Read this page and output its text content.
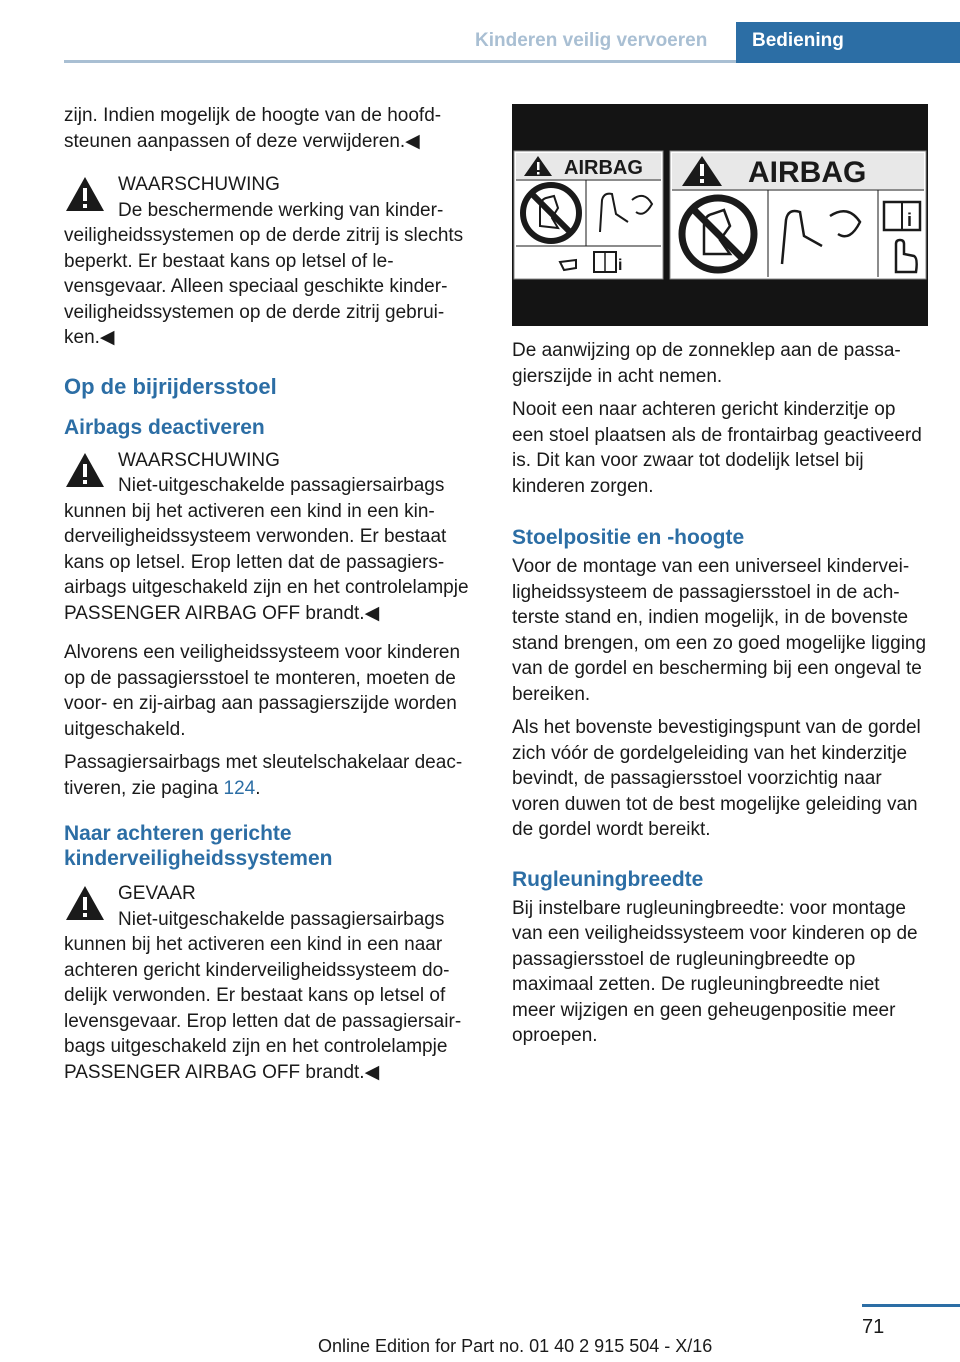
Kinderen veilig vervoeren Bediening

zijn. Indien mogelijk de hoogte van de hoofdsteunen aanpassen of deze verwijderen.◀

WAARSCHUWING
De beschermende werking van kinderveiligheidssystemen op de derde zitrij is slechts beperkt. Er bestaat kans op letsel of levensgevaar. Alleen speciaal geschikte kinderveiligheidssystemen op de derde zitrij gebruiken.◀
Op de bijrijdersstoel
Airbags deactiveren
WAARSCHUWING
Niet-uitgeschakelde passagiersairbags kunnen bij het activeren een kind in een kinderveiligheidssysteem verwonden. Er bestaat kans op letsel. Erop letten dat de passagiersairbags uitgeschakeld zijn en het controlelampje PASSENGER AIRBAG OFF brandt.◀

Alvorens een veiligheidssysteem voor kinderen op de passagiersstoel te monteren, moeten de voor- en zij-airbag aan passagierszijde worden uitgeschakeld.

Passagiersairbags met sleutelschakelaar deactiveren, zie pagina 124.

Naar achteren gerichte kinderveiligheidssystemen
GEVAAR
Niet-uitgeschakelde passagiersairbags kunnen bij het activeren een kind in een naar achteren gericht kinderveiligheidssysteem dodelijk verwonden. Er bestaat kans op letsel of levensgevaar. Erop letten dat de passagiersairbags uitgeschakeld zijn en het controlelampje PASSENGER AIRBAG OFF brandt.◀
AIRBAG
i
AIRBAG
i

De aanwijzing op de zonneklep aan de passagierszijde in acht nemen.

Nooit een naar achteren gericht kinderzitje op een stoel plaatsen als de frontairbag geactiveerd is. Dit kan voor zwaar tot dodelijk letsel bij kinderen zorgen.

Stoelpositie en -hoogte

Voor de montage van een universeel kinderveiligheidssysteem de passagiersstoel in de achterste stand en, indien mogelijk, in de bovenste stand brengen, om een zo goed mogelijke ligging van de gordel en bescherming bij een ongeval te bereiken.

Als het bovenste bevestigingspunt van de gordel zich vóór de gordelgeleiding van het kinderzitje bevindt, de passagiersstoel voorzichtig naar voren duwen tot de best mogelijke geleiding van de gordel wordt bereikt.

Rugleuningbreedte

Bij instelbare rugleuningbreedte: voor montage van een veiligheidssysteem voor kinderen op de passagiersstoel de rugleuningbreedte op maximaal zetten. De rugleuningbreedte niet meer wijzigen en geen geheugenpositie meer oproepen.

71
Online Edition for Part no. 01 40 2 915 504 - X/16
